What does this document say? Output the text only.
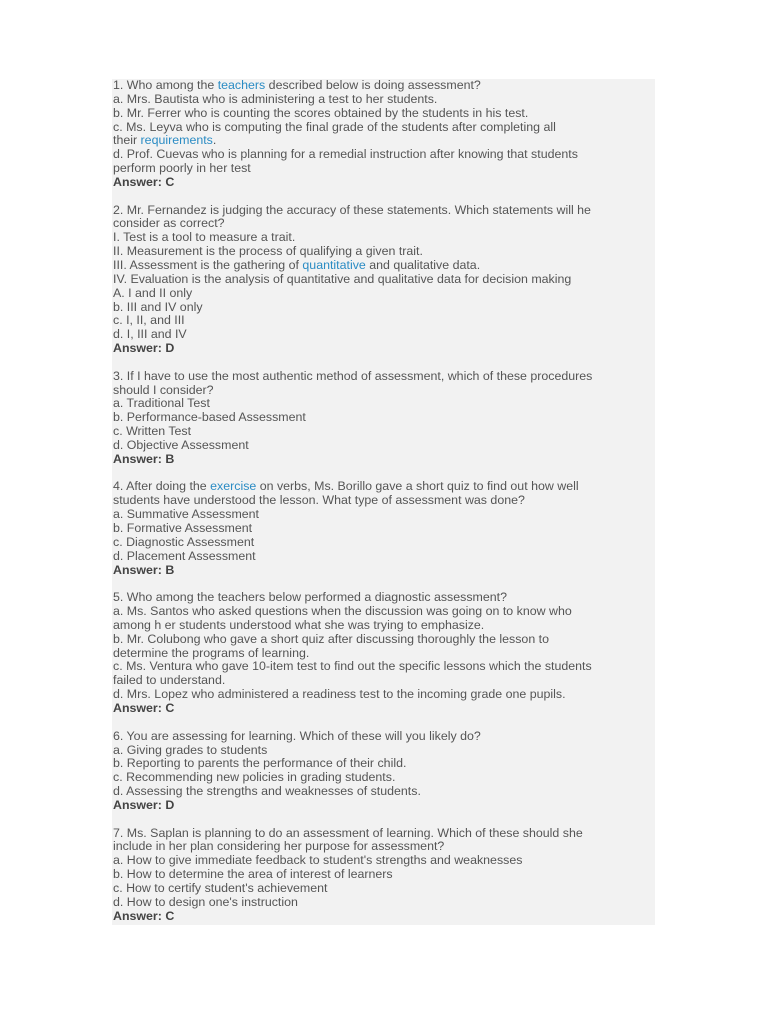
1. Who among the teachers described below is doing assessment?
a. Mrs. Bautista who is administering a test to her students.
b. Mr. Ferrer who is counting the scores obtained by the students in his test.
c. Ms. Leyva who is computing the final grade of the students after completing all
their requirements.
d. Prof. Cuevas who is planning for a remedial instruction after knowing that students
perform poorly in her test
Answer: C
2. Mr. Fernandez is judging the accuracy of these statements. Which statements will he
consider as correct?
I. Test is a tool to measure a trait.
II. Measurement is the process of qualifying a given trait.
III. Assessment is the gathering of quantitative and qualitative data.
IV. Evaluation is the analysis of quantitative and qualitative data for decision making
A. I and II only
b. III and IV only
c. I, II, and III
d. I, III and IV
Answer: D
3. If I have to use the most authentic method of assessment, which of these procedures
should I consider?
a. Traditional Test
b. Performance-based Assessment
c. Written Test
d. Objective Assessment
Answer: B
4. After doing the exercise on verbs, Ms. Borillo gave a short quiz to find out how well
students have understood the lesson. What type of assessment was done?
a. Summative Assessment
b. Formative Assessment
c. Diagnostic Assessment
d. Placement Assessment
Answer: B
5. Who among the teachers below performed a diagnostic assessment?
a. Ms. Santos who asked questions when the discussion was going on to know who
among h er students understood what she was trying to emphasize.
b. Mr. Colubong who gave a short quiz after discussing thoroughly the lesson to
determine the programs of learning.
c. Ms. Ventura who gave 10-item test to find out the specific lessons which the students
failed to understand.
d. Mrs. Lopez who administered a readiness test to the incoming grade one pupils.
Answer: C
6. You are assessing for learning. Which of these will you likely do?
a. Giving grades to students
b. Reporting to parents the performance of their child.
c. Recommending new policies in grading students.
d. Assessing the strengths and weaknesses of students.
Answer: D
7. Ms. Saplan is planning to do an assessment of learning. Which of these should she
include in her plan considering her purpose for assessment?
a. How to give immediate feedback to student's strengths and weaknesses
b. How to determine the area of interest of learners
c. How to certify student's achievement
d. How to design one's instruction
Answer: C
